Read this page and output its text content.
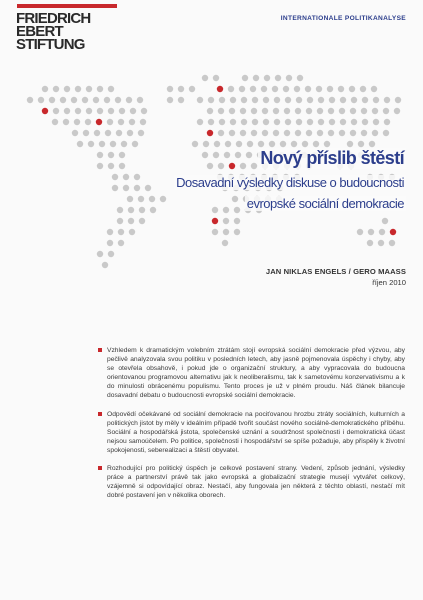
FRIEDRICH
EBERT
STIFTUNG
INTERNATIONALE POLITIKANALYSE
Nový příslib štěstí
Dosavadní výsledky diskuse o budoucnosti
evropské sociální demokracie
JAN NIKLAS ENGELS / GERO MAASS
říjen 2010
Vzhledem k dramatickým volebním ztrátám stojí evropská sociální demokracie před výzvou, aby pečlivě analyzovala svou politiku v posledních letech, aby jasně pojmenovala úspěchy i chyby, aby se otevřela obsahově, i pokud jde o organizační struktury, a aby vypracovala do budoucna orientovanou programovou alternativu jak k neoliberalismu, tak k sametovému konzervativismu a k do minulosti obrácenému populismu. Tento proces je už v plném proudu. Náš článek bilancuje dosavadní debatu o budoucnosti evropské sociální demokracie.
Odpovědí očekávané od sociální demokracie na pociťovanou hrozbu ztráty sociálních, kulturních a politických jistot by měly v ideálním případě tvořit součást nového sociálně-demokratického příběhu. Sociální a hospodářská jistota, společenské uznání a soudržnost společnosti i demokratická účast nejsou samoúčelem. Po politice, společnosti i hospodářství se spíše požaduje, aby přispěly k životní spokojenosti, seberealizaci a štěstí obyvatel.
Rozhodující pro politický úspěch je celkové postavení strany. Vedení, způsob jednání, výsledky práce a partnerství právě tak jako evropská a globalizační strategie musejí vytvářet celkový, vzájemně si odpovídající obraz. Nestačí, aby fungovala jen některá z těchto oblastí, nestačí mít dobré postavení jen v několika oborech.
